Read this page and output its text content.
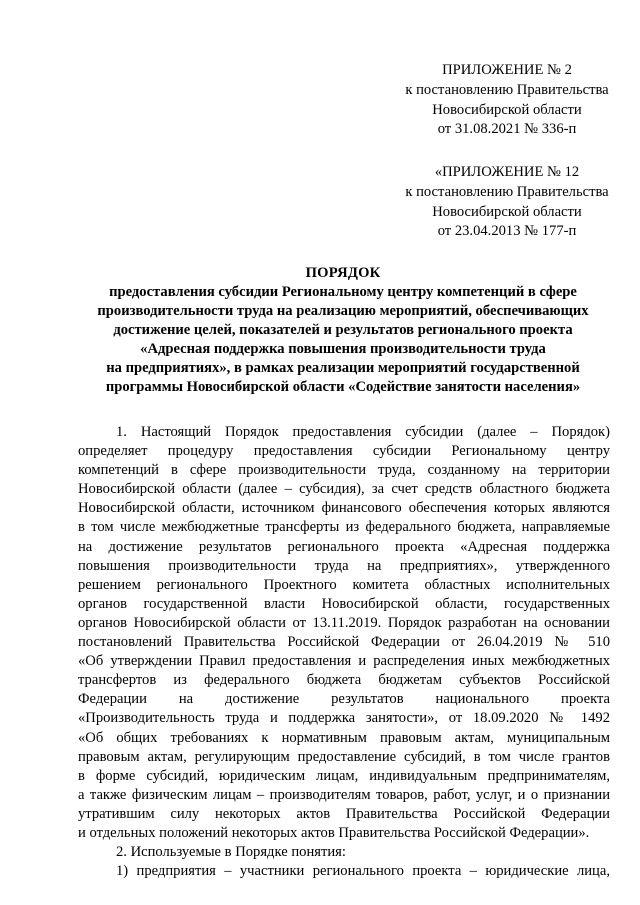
ПРИЛОЖЕНИЕ № 2
к постановлению Правительства
Новосибирской области
от 31.08.2021 № 336-п
«ПРИЛОЖЕНИЕ № 12
к постановлению Правительства
Новосибирской области
от 23.04.2013 № 177-п
ПОРЯДОК
предоставления субсидии Региональному центру компетенций в сфере
производительности труда на реализацию мероприятий, обеспечивающих
достижение целей, показателей и результатов регионального проекта
«Адресная поддержка повышения производительности труда
на предприятиях», в рамках реализации мероприятий государственной
программы Новосибирской области «Содействие занятости населения»
1. Настоящий Порядок предоставления субсидии (далее – Порядок)
определяет процедуру предоставления субсидии Региональному центру
компетенций в сфере производительности труда, созданному на территории
Новосибирской области (далее – субсидия), за счет средств областного бюджета
Новосибирской области, источником финансового обеспечения которых являются
в том числе межбюджетные трансферты из федерального бюджета, направляемые
на достижение результатов регионального проекта «Адресная поддержка
повышения производительности труда на предприятиях», утвержденного
решением регионального Проектного комитета областных исполнительных
органов государственной власти Новосибирской области, государственных
органов Новосибирской области от 13.11.2019. Порядок разработан на основании
постановлений Правительства Российской Федерации от 26.04.2019 № 510
«Об утверждении Правил предоставления и распределения иных межбюджетных
трансфертов из федерального бюджета бюджетам субъектов Российской
Федерации на достижение результатов национального проекта
«Производительность труда и поддержка занятости», от 18.09.2020 № 1492
«Об общих требованиях к нормативным правовым актам, муниципальным
правовым актам, регулирующим предоставление субсидий, в том числе грантов
в форме субсидий, юридическим лицам, индивидуальным предпринимателям,
а также физическим лицам – производителям товаров, работ, услуг, и о признании
утратившим силу некоторых актов Правительства Российской Федерации
и отдельных положений некоторых актов Правительства Российской Федерации».
2. Используемые в Порядке понятия:
1) предприятия – участники регионального проекта – юридические лица,
